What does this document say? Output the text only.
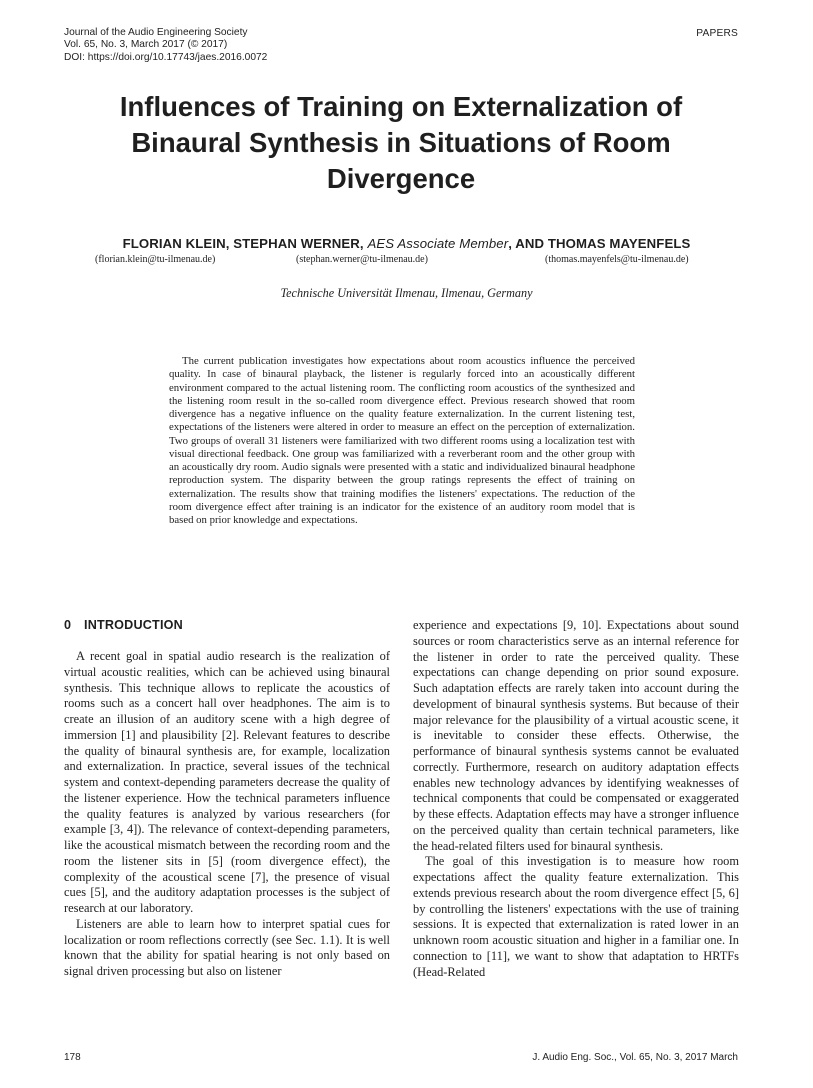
Journal of the Audio Engineering Society
Vol. 65, No. 3, March 2017 (© 2017)
DOI: https://doi.org/10.17743/jaes.2016.0072
PAPERS
Influences of Training on Externalization of
Binaural Synthesis in Situations of Room
Divergence
FLORIAN KLEIN, STEPHAN WERNER, AES Associate Member, AND THOMAS MAYENFELS
(florian.klein@tu-ilmenau.de)	(stephan.werner@tu-ilmenau.de)	(thomas.mayenfels@tu-ilmenau.de)
Technische Universität Ilmenau, Ilmenau, Germany

The current publication investigates how expectations about room acoustics influence the perceived quality. In case of binaural playback, the listener is regularly forced into an acoustically different environment compared to the actual listening room. The conflicting room acoustics of the synthesized and the listening room result in the so-called room divergence effect. Previous research showed that room divergence has a negative influence on the quality feature externalization. In the current listening test, expectations of the listeners were altered in order to measure an effect on the perception of externalization. Two groups of overall 31 listeners were familiarized with two different rooms using a localization test with visual directional feedback. One group was familiarized with a reverberant room and the other group with an acoustically dry room. Audio signals were presented with a static and individualized binaural headphone reproduction system. The disparity between the group ratings represents the effect of training on externalization. The results show that training modifies the listeners' expectations. The reduction of the room divergence effect after training is an indicator for the existence of an auditory room model that is based on prior knowledge and expectations.

0 INTRODUCTION

A recent goal in spatial audio research is the realization of virtual acoustic realities, which can be achieved using binaural synthesis. This technique allows to replicate the acoustics of rooms such as a concert hall over headphones. The aim is to create an illusion of an auditory scene with a high degree of immersion [1] and plausibility [2]. Relevant features to describe the quality of binaural synthesis are, for example, localization and externalization. In practice, several issues of the technical system and context-depending parameters decrease the quality of the listener experience. How the technical parameters influence the quality features is analyzed by various researchers (for example [3, 4]). The relevance of context-depending parameters, like the acoustical mismatch between the recording room and the room the listener sits in [5] (room divergence effect), the complexity of the acoustical scene [7], the presence of visual cues [5], and the auditory adaptation processes is the subject of research at our laboratory.

Listeners are able to learn how to interpret spatial cues for localization or room reflections correctly (see Sec. 1.1). It is well known that the ability for spatial hearing is not only based on signal driven processing but also on listener

experience and expectations [9, 10]. Expectations about sound sources or room characteristics serve as an internal reference for the listener in order to rate the perceived quality. These expectations can change depending on prior sound exposure. Such adaptation effects are rarely taken into account during the development of binaural synthesis systems. But because of their major relevance for the plausibility of a virtual acoustic scene, it is inevitable to consider these effects. Otherwise, the performance of binaural synthesis systems cannot be evaluated correctly. Furthermore, research on auditory adaptation effects enables new technology advances by identifying weaknesses of technical components that could be compensated or exaggerated by these effects. Adaptation effects may have a stronger influence on the perceived quality than certain technical parameters, like the head-related filters used for binaural synthesis.

The goal of this investigation is to measure how room expectations affect the quality feature externalization. This extends previous research about the room divergence effect [5, 6] by controlling the listeners' expectations with the use of training sessions. It is expected that externalization is rated lower in an unknown room acoustic situation and higher in a familiar one. In connection to [11], we want to show that adaptation to HRTFs (Head-Related

178	J. Audio Eng. Soc., Vol. 65, No. 3, 2017 March
